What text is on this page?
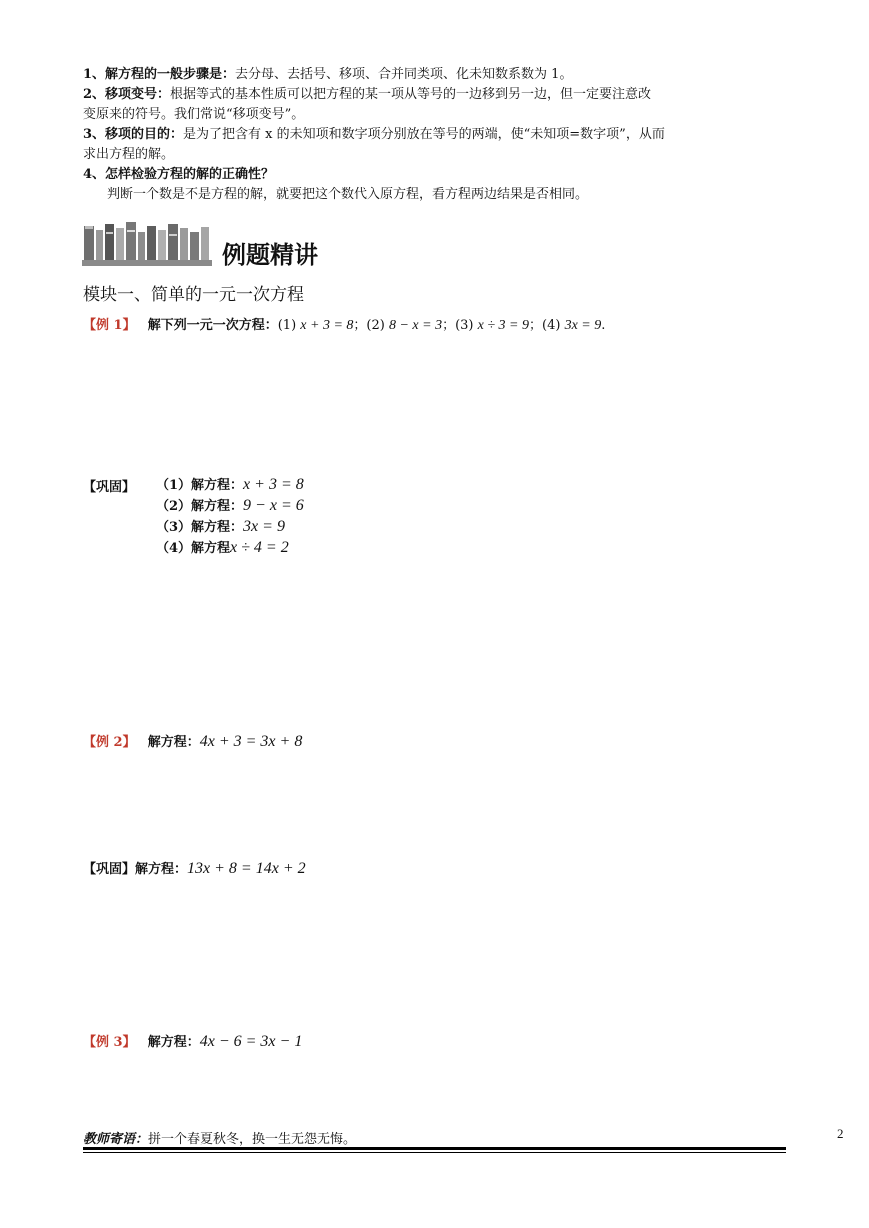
1、解方程的一般步骤是：去分母、去括号、移项、合并同类项、化未知数系数为 1。
2、移项变号：根据等式的基本性质可以把方程的某一项从等号的一边移到另一边，但一定要注意改
变原来的符号。我们常说“移项变号”。
3、移项的目的：是为了把含有 x 的未知项和数字项分别放在等号的两端，使“未知项=数字项”，从而
求出方程的解。
4、怎样检验方程的解的正确性？
判断一个数是不是方程的解，就要把这个数代入原方程，看方程两边结果是否相同。
例题精讲
模块一、简单的一元一次方程
【例 1】 解下列一元一次方程：(1) x + 3 = 8；(2) 8 − x = 3；(3) x ÷ 3 = 9；(4) 3x = 9.
【巩固】 （1）解方程：x + 3 = 8
（2）解方程：9 − x = 6
（3）解方程：3x = 9
（4）解方程x ÷ 4 = 2
【例 2】 解方程：4x + 3 = 3x + 8
【巩固】解方程：13x + 8 = 14x + 2
【例 3】 解方程：4x − 6 = 3x − 1
教师寄语：拼一个春夏秋冬，换一生无怨无悔。	2
